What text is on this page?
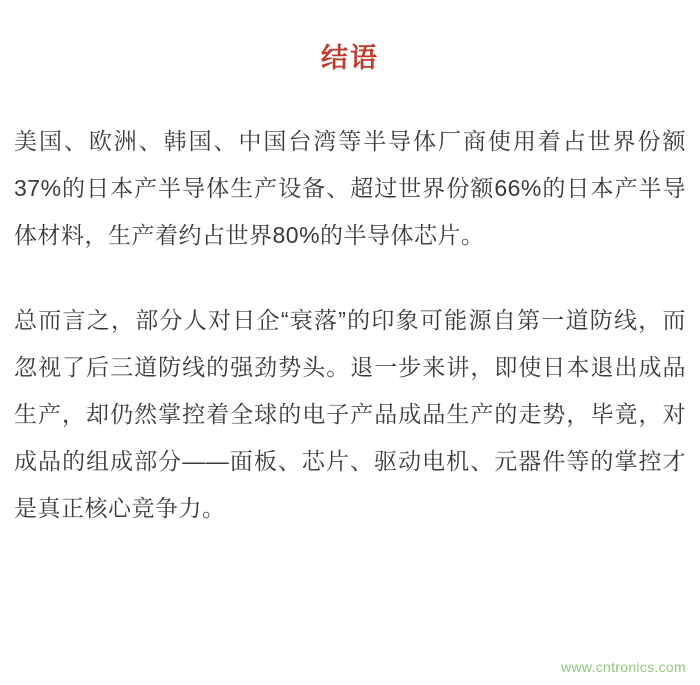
结语

美国、欧洲、韩国、中国台湾等半导体厂商使用着占世界份额37%的日本产半导体生产设备、超过世界份额66%的日本产半导体材料，生产着约占世界80%的半导体芯片。

总而言之，部分人对日企“衰落”的印象可能源自第一道防线，而忽视了后三道防线的强劲势头。退一步来讲，即使日本退出成品生产，却仍然掌控着全球的电子产品成品生产的走势，毕竟，对成品的组成部分——面板、芯片、驱动电机、元器件等的掌控才是真正核心竞争力。

www.cntronics.com
